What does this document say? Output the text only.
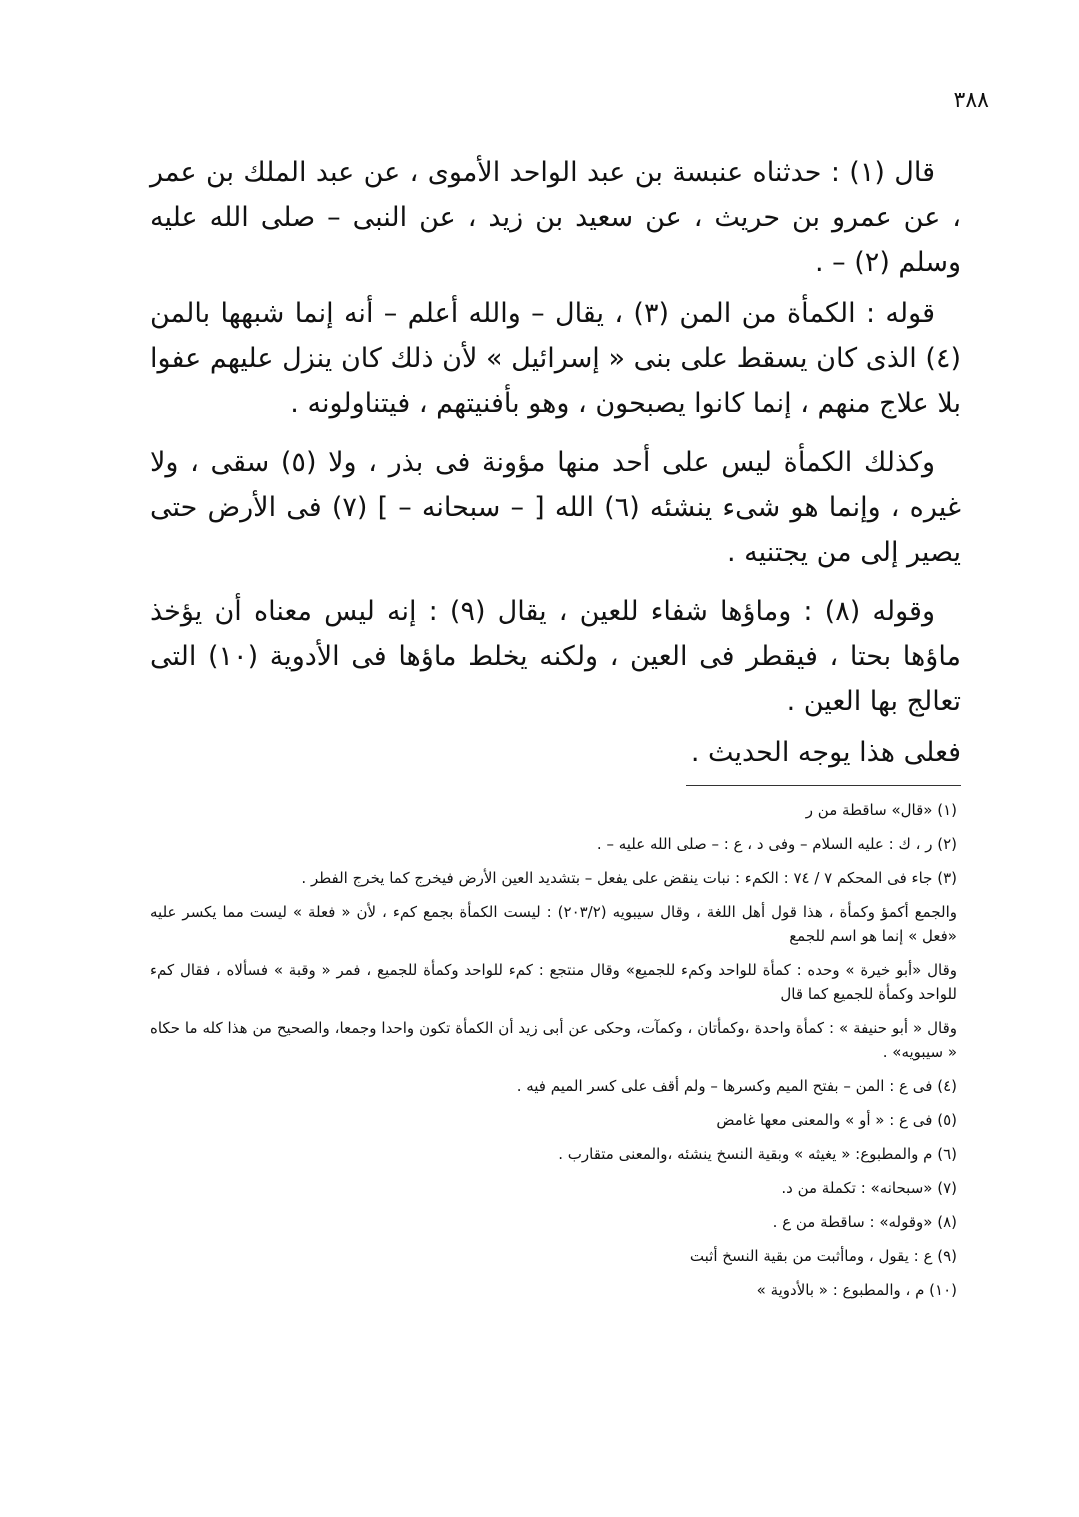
٣٨٨

قال (١) : حدثناه عنبسة بن عبد الواحد الأموى ، عن عبد الملك بن عمر ، عن عمرو بن حريث ، عن سعيد بن زيد ، عن النبى – صلى الله عليه وسلم (٢) – .

قوله : الكمأة من المن (٣) ، يقال – والله أعلم – أنه إنما شبهها بالمن (٤) الذى كان يسقط على بنى « إسرائيل » لأن ذلك كان ينزل عليهم عفوا بلا علاج منهم ، إنما كانوا يصبحون ، وهو بأفنيتهم ، فيتناولونه .

وكذلك الكمأة ليس على أحد منها مؤونة فى بذر ، ولا (٥) سقى ، ولا غيره ، وإنما هو شىء ينشئه (٦) الله [ – سبحانه – ] (٧) فى الأرض حتى يصير إلى من يجتنيه .

وقوله (٨) : وماؤها شفاء للعين ، يقال (٩) : إنه ليس معناه أن يؤخذ ماؤها بحتا ، فيقطر فى العين ، ولكنه يخلط ماؤها فى الأدوية (١٠) التى تعالج بها العين .

فعلى هذا يوجه الحديث .

(١) «قال» ساقطة من ر

(٢) ر ، ك : عليه السلام – وفى د ، ع : – صلى الله عليه – .

(٣) جاء فى المحكم ٧ / ٧٤ : الكمء : نبات ينقض على يفعل – بتشديد العين الأرض فيخرج كما يخرج الفطر .

والجمع أكمؤ وكمأة ، هذا قول أهل اللغة ، وقال سيبويه (٢٠٣/٢) : ليست الكمأة بجمع كمء ، لأن « فعلة » ليست مما يكسر عليه «فعل » إنما هو اسم للجمع

وقال «أبو خيرة » وحده : كمأة للواحد وكمء للجميع» وقال منتجع : كمء للواحد وكمأة للجميع ، فمر « وقبة » فسألاه ، فقال كمء للواحد وكمأة للجميع كما قال

وقال « أبو حنيفة » : كمأة واحدة ،وكمأتان ، وكمآت، وحكى عن أبى زيد أن الكمأة تكون واحدا وجمعا، والصحيح من هذا كله ما حكاه « سيبويه» .

(٤) فى ع : المن – بفتح الميم وكسرها – ولم أقف على كسر الميم فيه .

(٥) فى ع : « أو » والمعنى معها غامض

(٦) م والمطبوع: « يغيثه » وبقية النسخ ينشئه ،والمعنى متقارب .

(٧) «سبحانه» : تكملة من د.

(٨) «وقوله» : ساقطة من ع .

(٩) ع : يقول ، وماأثبت من بقية النسخ أثبت

(١٠) م ، والمطبوع : « بالأدوية »
